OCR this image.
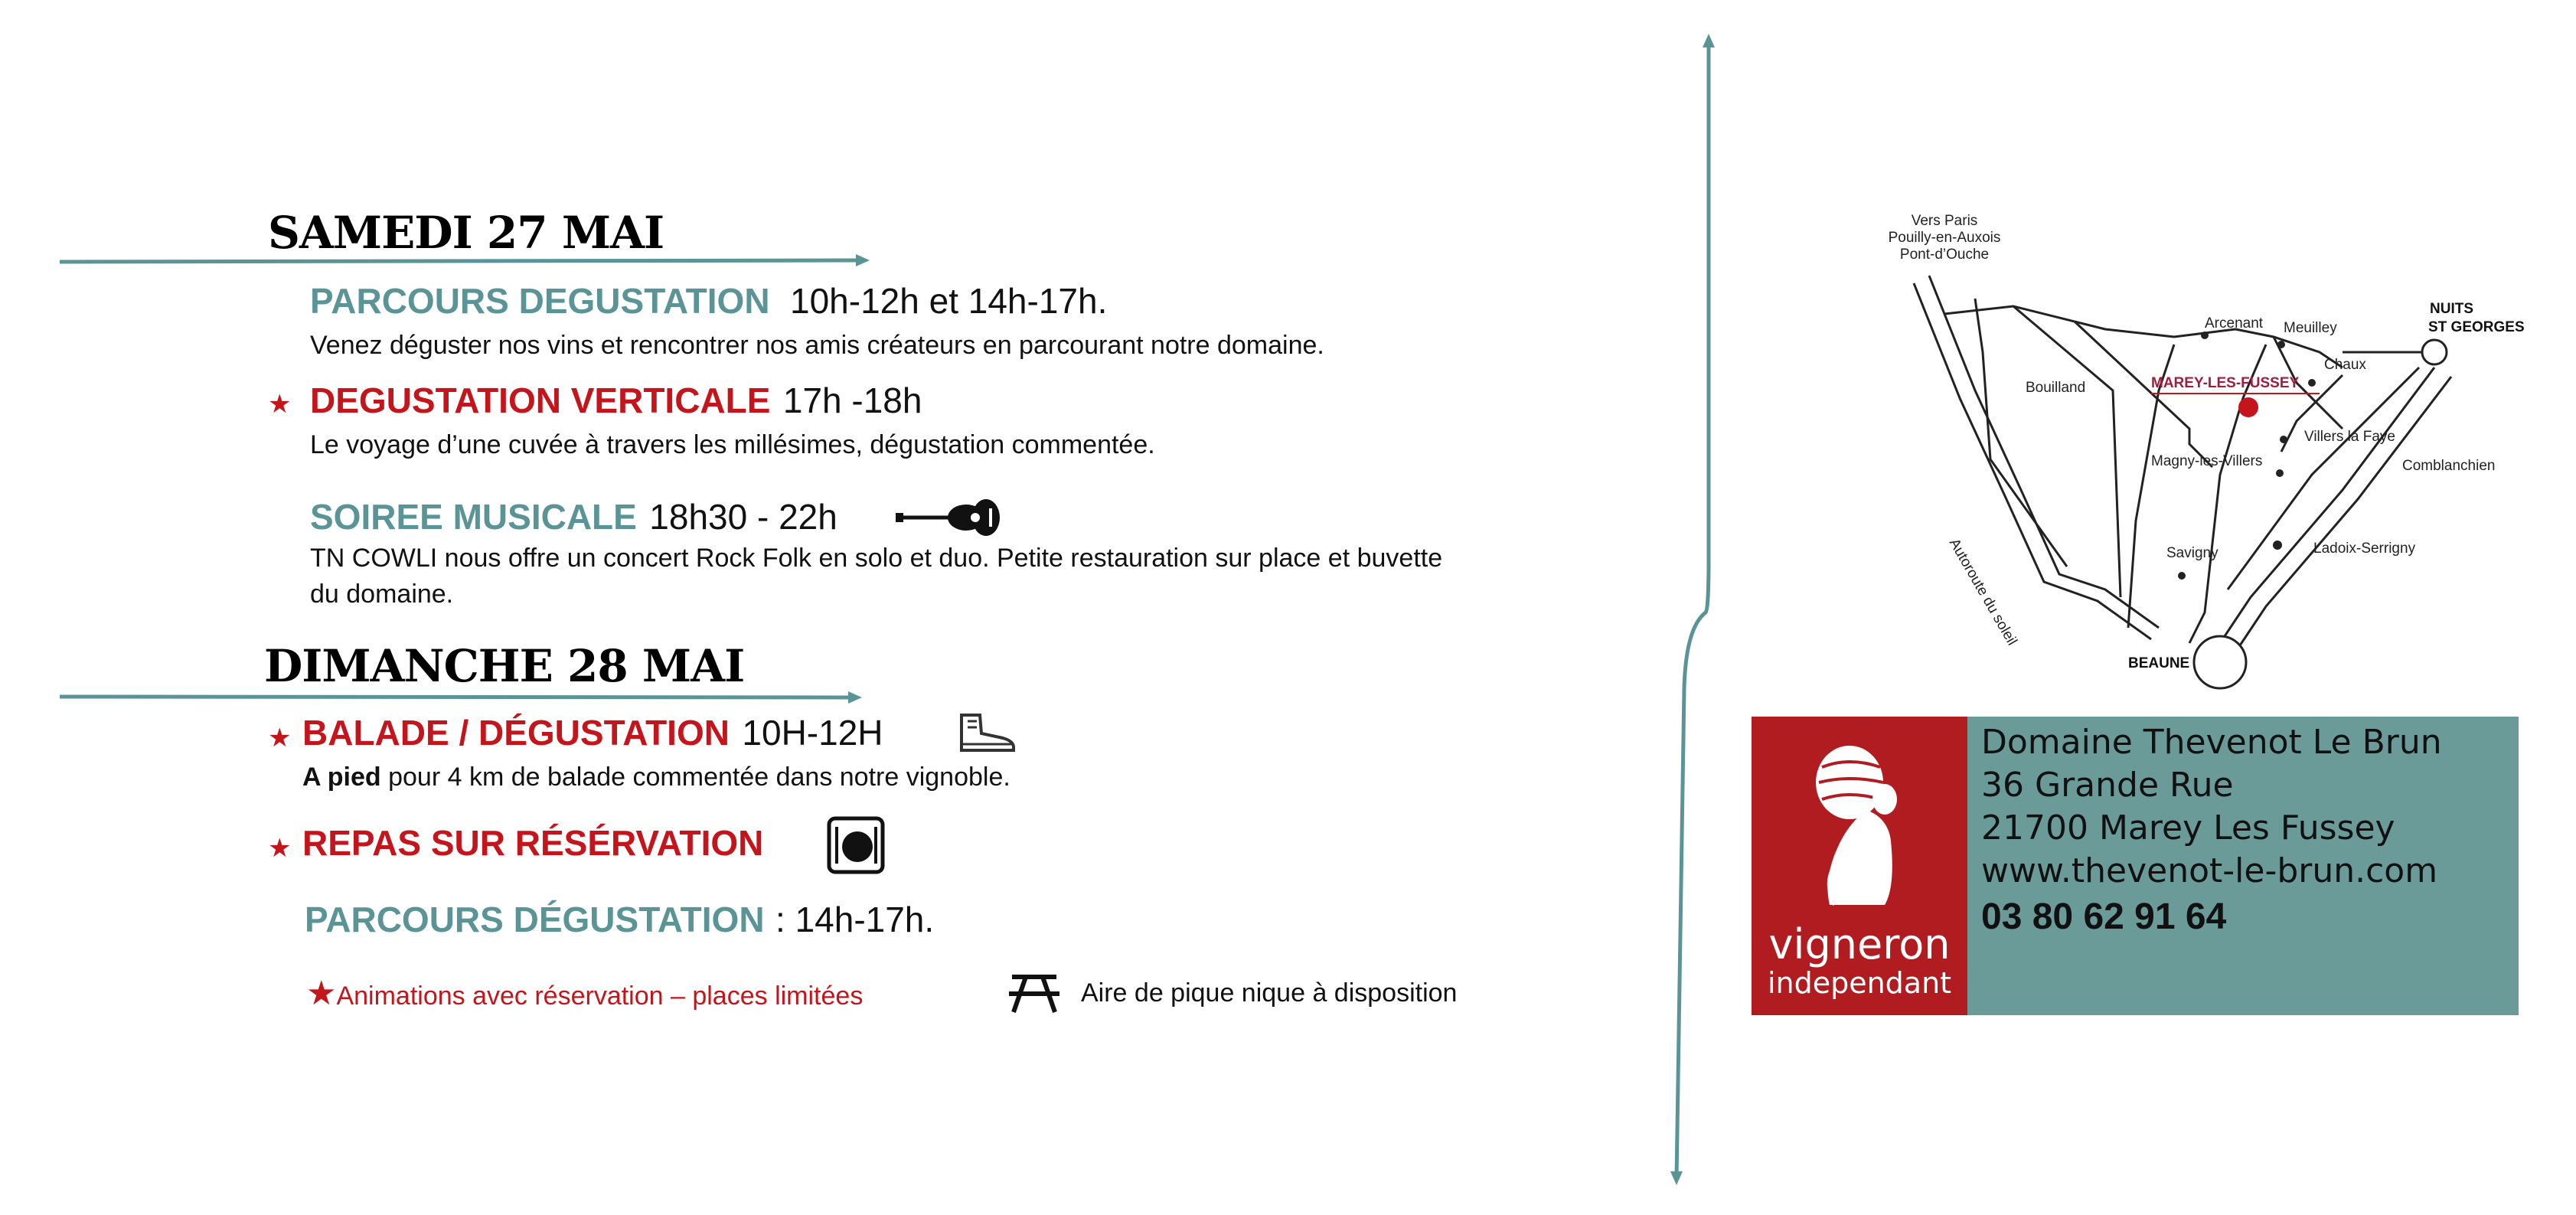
SAMEDI 27 MAI
PARCOURS DEGUSTATION 10h-12h et 14h-17h.
Venez déguster nos vins et rencontrer nos amis créateurs en parcourant notre domaine.
★ DEGUSTATION VERTICALE 17h -18h
Le voyage d’une cuvée à travers les millésimes, dégustation commentée.
SOIREE MUSICALE 18h30 - 22h
TN COWLI nous offre un concert Rock Folk en solo et duo. Petite restauration sur place et buvette
du domaine.
DIMANCHE 28 MAI
★ BALADE / DÉGUSTATION 10H-12H
A pied pour 4 km de balade commentée dans notre vignoble.
★ REPAS SUR RÉSÉRVATION
PARCOURS DÉGUSTATION : 14h-17h.
★Animations avec réservation – places limitées	Aire de pique nique à disposition
Vers Paris
Pouilly-en-Auxois
Pont-d’Ouche
NUITS
ST GEORGES
Arcenant Meuilley
Chaux
Bouilland	MAREY-LES-FUSSEY
Villers la Faye
Comblanchien
Magny-les-Villers
Autoroute du soleil	Savigny	Ladoix-Serrigny
BEAUNE
vigneron
independant
Domaine Thevenot Le Brun
36 Grande Rue
21700 Marey Les Fussey
www.thevenot-le-brun.com
03 80 62 91 64
